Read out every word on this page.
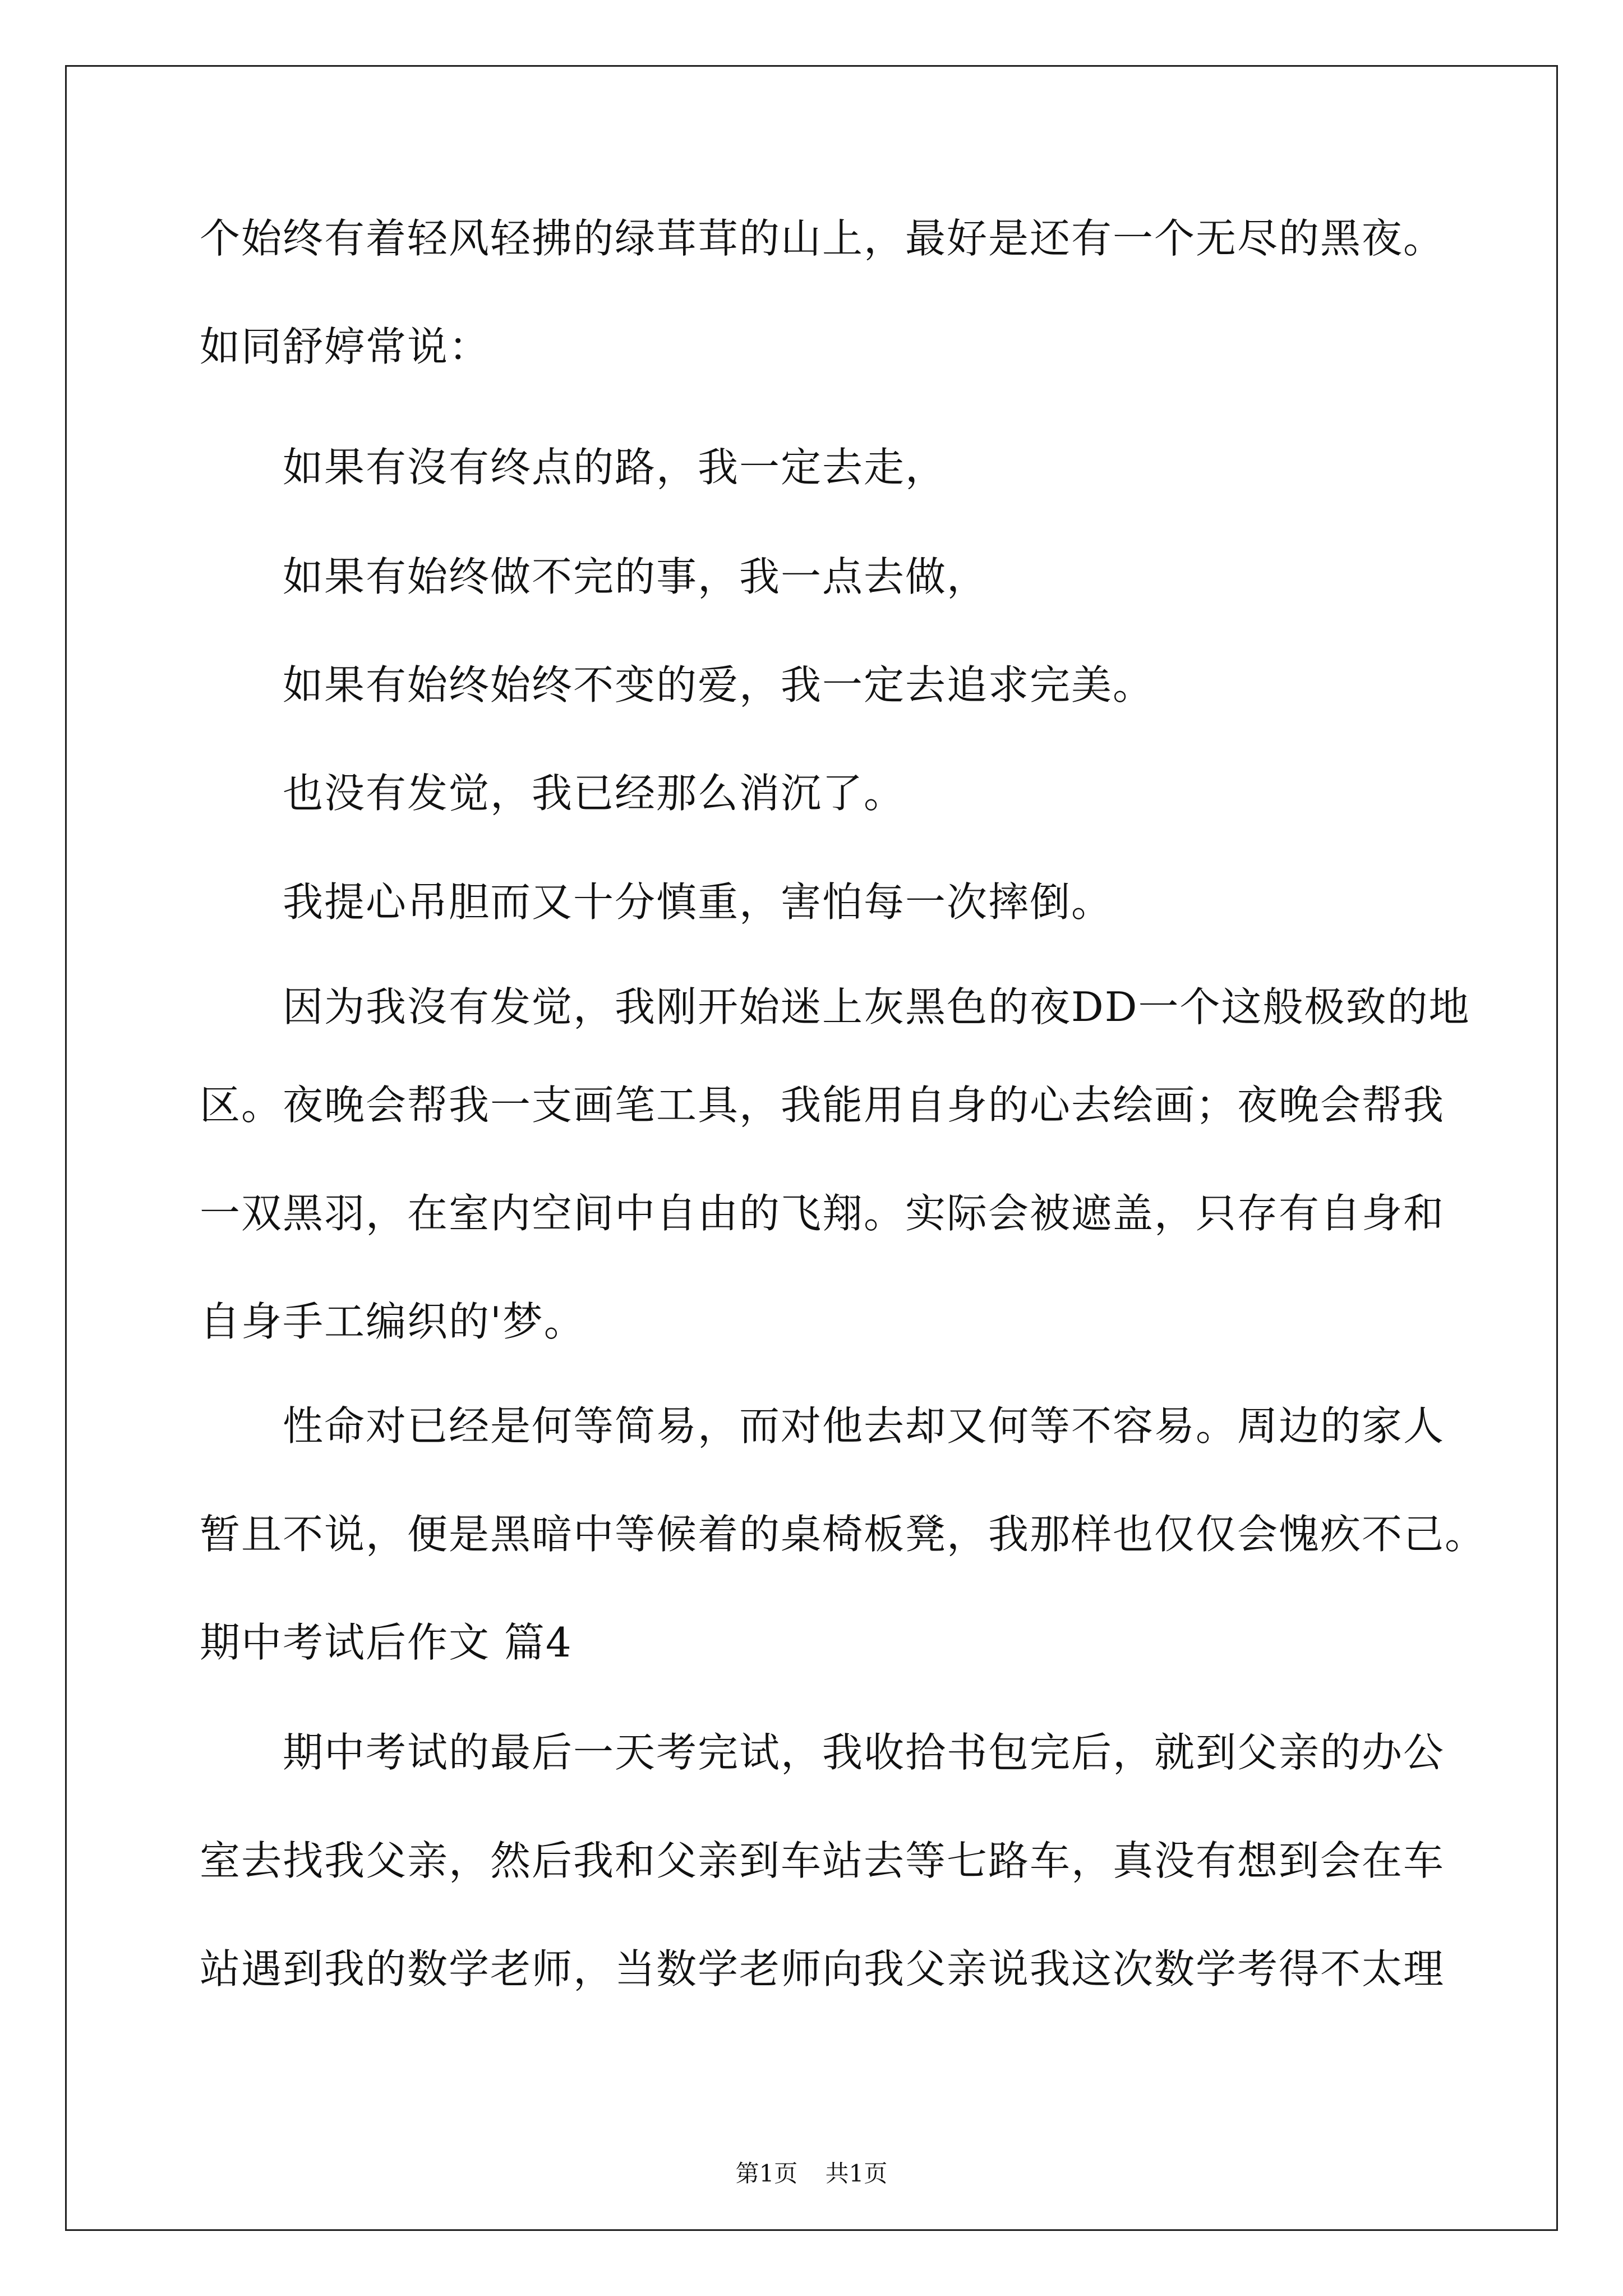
个始终有着轻风轻拂的绿茸茸的山上，最好是还有一个无尽的黑夜。
如同舒婷常说：
如果有沒有终点的路，我一定去走，
如果有始终做不完的事，我一点去做，
如果有始终始终不变的爱，我一定去追求完美。
也没有发觉，我已经那么消沉了。
我提心吊胆而又十分慎重，害怕每一次摔倒。
因为我沒有发觉，我刚开始迷上灰黑色的夜DD一个这般极致的地
区。夜晚会帮我一支画笔工具，我能用自身的心去绘画；夜晚会帮我
一双黑羽，在室内空间中自由的飞翔。实际会被遮盖，只存有自身和
自身手工编织的'梦。
性命对已经是何等简易，而对他去却又何等不容易。周边的家人
暂且不说，便是黑暗中等候着的桌椅板凳，我那样也仅仅会愧疚不己。
期中考试后作文 篇4
期中考试的最后一天考完试，我收拾书包完后，就到父亲的办公
室去找我父亲，然后我和父亲到车站去等七路车，真没有想到会在车
站遇到我的数学老师，当数学老师向我父亲说我这次数学考得不太理
第1页 共1页
